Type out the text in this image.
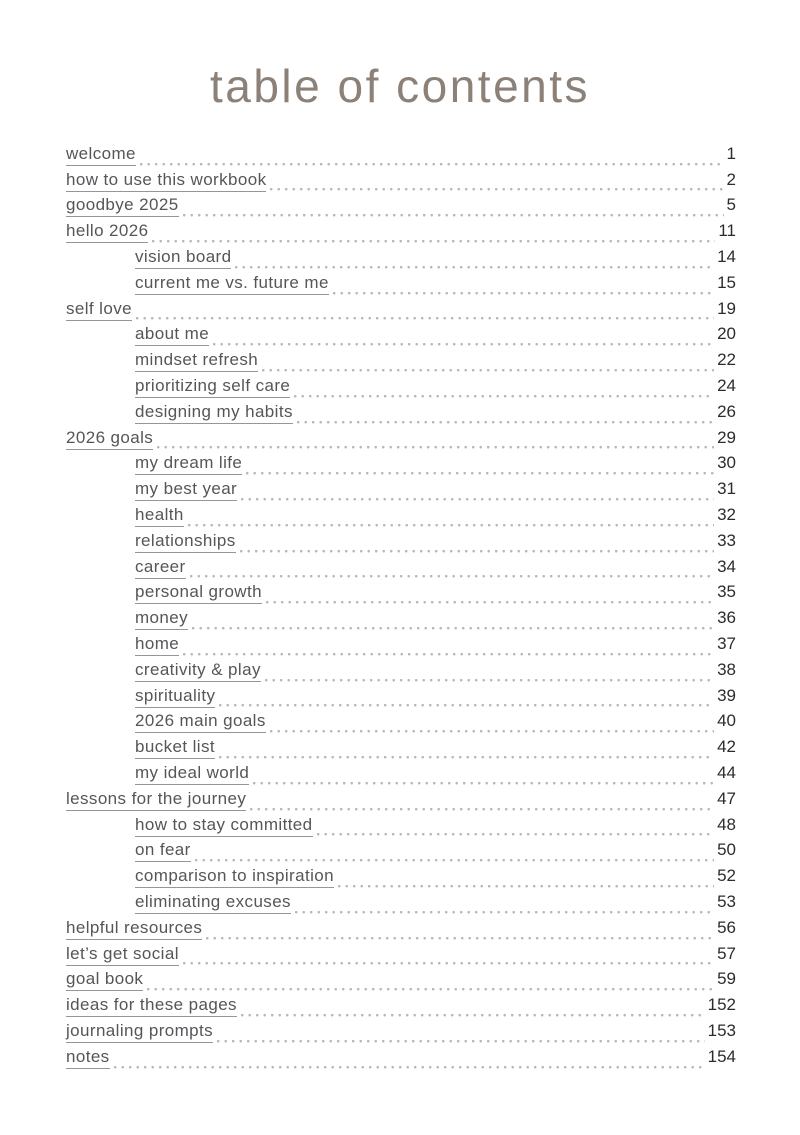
table of contents
welcome	1
how to use this workbook	2
goodbye 2025	5
hello 2026	11
vision board	14
current me vs. future me	15
self love	19
about me	20
mindset refresh	22
prioritizing self care	24
designing my habits	26
2026 goals	29
my dream life	30
my best year	31
health	32
relationships	33
career	34
personal growth	35
money	36
home	37
creativity & play	38
spirituality	39
2026 main goals	40
bucket list	42
my ideal world	44
lessons for the journey	47
how to stay committed	48
on fear	50
comparison to inspiration	52
eliminating excuses	53
helpful resources	56
let’s get social	57
goal book	59
ideas for these pages	152
journaling prompts	153
notes	154
